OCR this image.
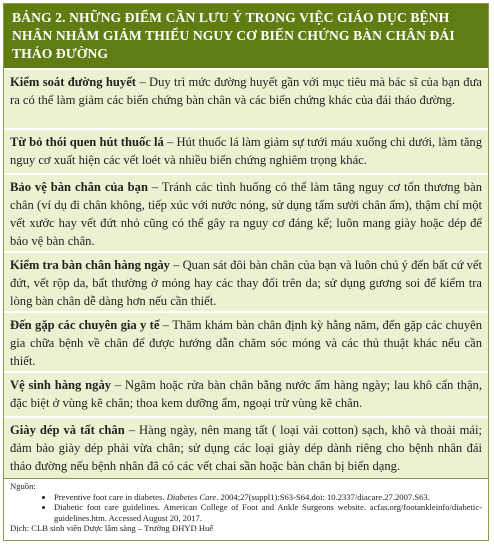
BẢNG 2. NHỮNG ĐIỂM CẦN LƯU Ý TRONG VIỆC GIÁO DỤC BỆNH NHÂN NHẰM GIẢM THIỂU NGUY CƠ BIẾN CHỨNG BÀN CHÂN ĐÁI THÁO ĐƯỜNG
Kiểm soát đường huyết – Duy trì mức đường huyết gần với mục tiêu mà bác sĩ của bạn đưa ra có thể làm giảm các biến chứng bàn chân và các biến chứng khác của đái tháo đường.
Từ bỏ thói quen hút thuốc lá – Hút thuốc lá làm giảm sự tưới máu xuống chi dưới, làm tăng nguy cơ xuất hiện các vết loét và nhiều biến chứng nghiêm trọng khác.
Bảo vệ bàn chân của bạn – Tránh các tình huống có thể làm tăng nguy cơ tổn thương bàn chân (ví dụ đi chân không, tiếp xúc với nước nóng, sử dụng tấm sưởi chân ấm), thậm chí một vết xước hay vết đứt nhỏ cũng có thể gây ra nguy cơ đáng kể; luôn mang giày hoặc dép để bảo vệ bàn chân.
Kiểm tra bàn chân hàng ngày – Quan sát đôi bàn chân của bạn và luôn chú ý đến bất cứ vết đứt, vết rộp da, bất thường ở móng hay các thay đổi trên da; sử dụng gương soi để kiểm tra lòng bàn chân dễ dàng hơn nếu cần thiết.
Đến gặp các chuyên gia y tế – Thăm khám bàn chân định kỳ hằng năm, đến gặp các chuyên gia chữa bệnh về chân để được hướng dẫn chăm sóc móng và các thủ thuật khác nếu cần thiết.
Vệ sinh hàng ngày – Ngâm hoặc rửa bàn chân bằng nước ấm hàng ngày; lau khô cẩn thận, đặc biệt ở vùng kẽ chân; thoa kem dưỡng ẩm, ngoại trừ vùng kẽ chân.
Giày dép và tất chân – Hàng ngày, nên mang tất ( loại vải cotton) sạch, khô và thoải mái; đảm bảo giày dép phải vừa chân; sử dụng các loại giày dép dành riêng cho bệnh nhân đái tháo đường nếu bệnh nhân đã có các vết chai sần hoặc bàn chân bị biến dạng.
Nguồn:
• Preventive foot care in diabetes. Diabetes Care. 2004;27(suppl1):S63-S64.doi: 10.2337/diacare.27.2007.S63.
• Diabetic foot care guidelines. American College of Foot and Ankle Surgeons website. acfas.org/footankleinfo/diabetic-guidelines.htm. Accessed August 20, 2017.
Dịch: CLB sinh viên Dược lâm sàng – Trường ĐHYD Huế
